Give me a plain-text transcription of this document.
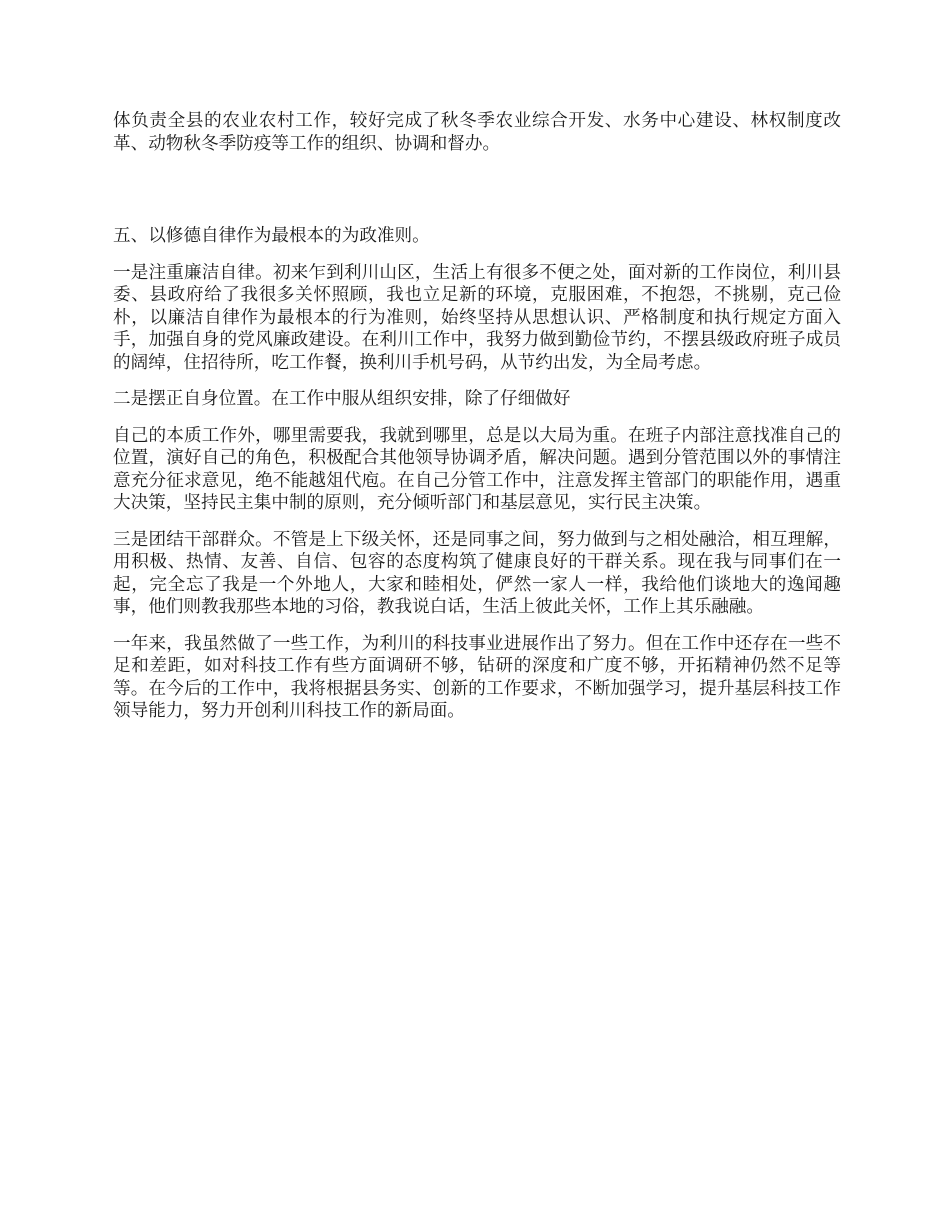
体负责全县的农业农村工作，较好完成了秋冬季农业综合开发、水务中心建设、林权制度改革、动物秋冬季防疫等工作的组织、协调和督办。

五、以修德自律作为最根本的为政准则。

一是注重廉洁自律。初来乍到利川山区，生活上有很多不便之处，面对新的工作岗位，利川县委、县政府给了我很多关怀照顾，我也立足新的环境，克服困难，不抱怨，不挑剔，克己俭朴，以廉洁自律作为最根本的行为准则，始终坚持从思想认识、严格制度和执行规定方面入手，加强自身的党风廉政建设。在利川工作中，我努力做到勤俭节约，不摆县级政府班子成员的阔绰，住招待所，吃工作餐，换利川手机号码，从节约出发，为全局考虑。

二是摆正自身位置。在工作中服从组织安排，除了仔细做好

自己的本质工作外，哪里需要我，我就到哪里，总是以大局为重。在班子内部注意找准自己的位置，演好自己的角色，积极配合其他领导协调矛盾，解决问题。遇到分管范围以外的事情注意充分征求意见，绝不能越俎代庖。在自己分管工作中，注意发挥主管部门的职能作用，遇重大决策，坚持民主集中制的原则，充分倾听部门和基层意见，实行民主决策。

三是团结干部群众。不管是上下级关怀，还是同事之间，努力做到与之相处融洽，相互理解，用积极、热情、友善、自信、包容的态度构筑了健康良好的干群关系。现在我与同事们在一起，完全忘了我是一个外地人，大家和睦相处，俨然一家人一样，我给他们谈地大的逸闻趣事，他们则教我那些本地的习俗，教我说白话，生活上彼此关怀，工作上其乐融融。

一年来，我虽然做了一些工作，为利川的科技事业进展作出了努力。但在工作中还存在一些不足和差距，如对科技工作有些方面调研不够，钻研的深度和广度不够，开拓精神仍然不足等等。在今后的工作中，我将根据县务实、创新的工作要求，不断加强学习，提升基层科技工作领导能力，努力开创利川科技工作的新局面。
